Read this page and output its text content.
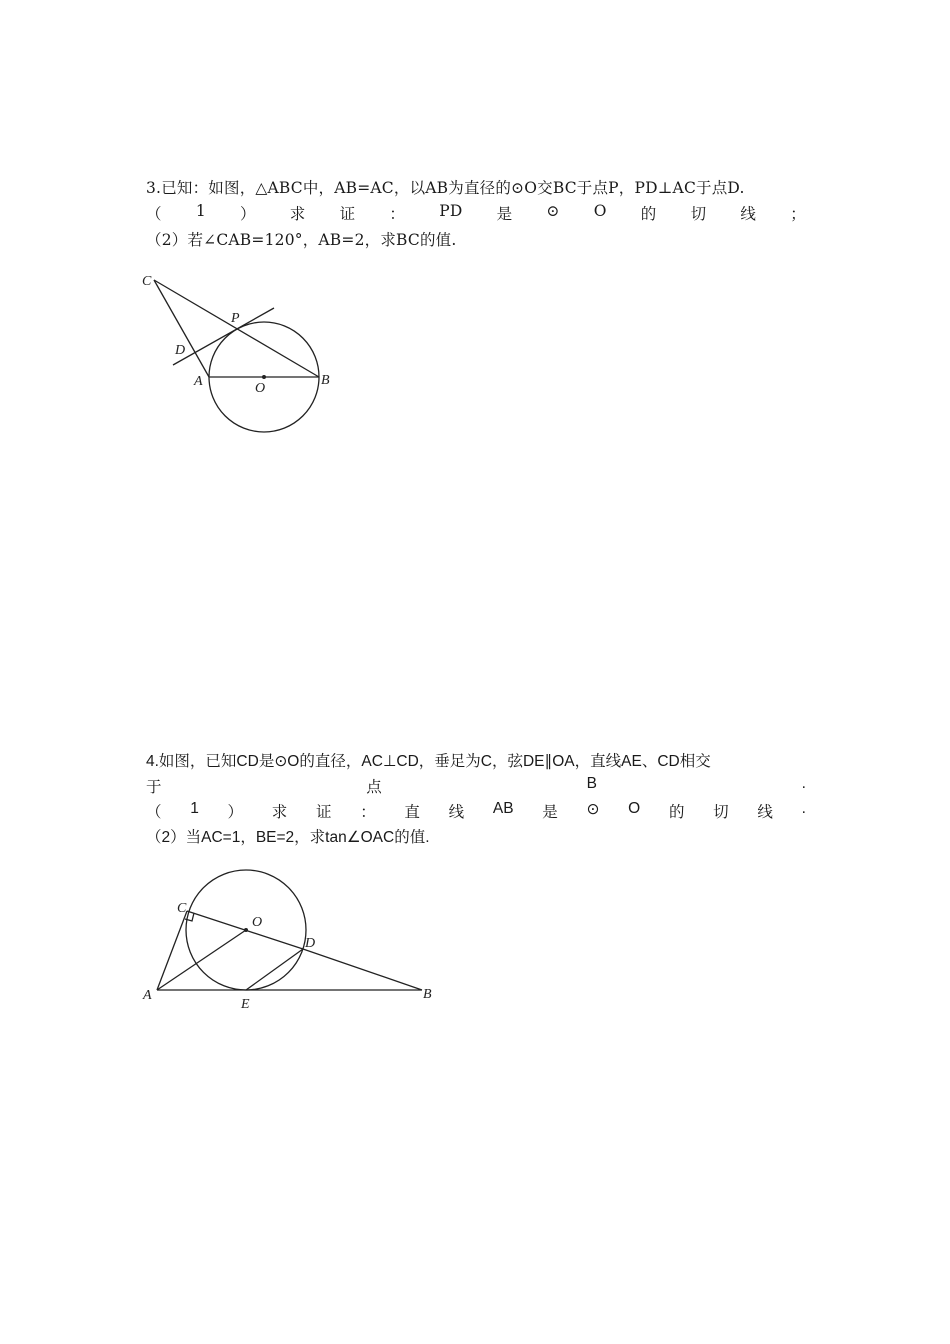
3.已知：如图，△ABC中，AB=AC，以AB为直径的⊙O交BC于点P，PD⊥AC于点D.
（ 1 ） 求 证 ： PD 是 ⊙ O 的 切 线 ；
（2）若∠CAB=120°，AB=2，求BC的值.
C
P
D
A	O
B
4.如图，已知CD是⊙O的直径，AC⊥CD，垂足为C，弦DE∥OA，直线AE、CD相交
于	点	B	.
（ 1 ） 求 证 ： 直 线 AB 是 ⊙ O 的 切 线 .
（2）当AC=1，BE=2，求tan∠OAC的值.
C
O
D
A
E
B
